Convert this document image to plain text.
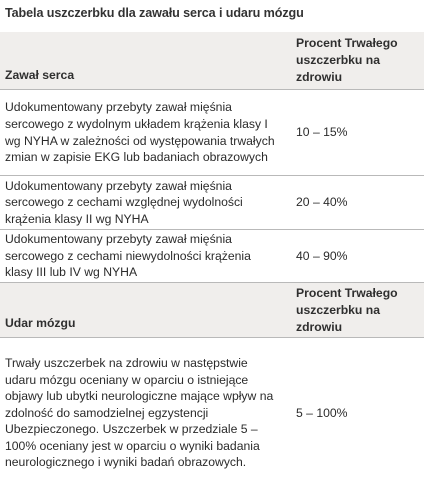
Tabela uszczerbku dla zawału serca i udaru mózgu
Zawał serca
Procent Trwałego uszczerbku na zdrowiu
Udokumentowany przebyty zawał mięśnia sercowego z wydolnym układem krążenia klasy I wg NYHA w zależności od występowania trwałych zmian w zapisie EKG lub badaniach obrazowych
10 – 15%
Udokumentowany przebyty zawał mięśnia sercowego z cechami względnej wydolności krążenia klasy II wg NYHA
20 – 40%
Udokumentowany przebyty zawał mięśnia sercowego z cechami niewydolności krążenia klasy III lub IV wg NYHA
40 – 90%
Udar mózgu
Procent Trwałego uszczerbku na zdrowiu
Trwały uszczerbek na zdrowiu w następstwie udaru mózgu oceniany w oparciu o istniejące objawy lub ubytki neurologiczne mające wpływ na zdolność do samodzielnej egzystencji Ubezpieczonego. Uszczerbek w przedziale 5 – 100% oceniany jest w oparciu o wyniki badania neurologicznego i wyniki badań obrazowych.
5 – 100%
